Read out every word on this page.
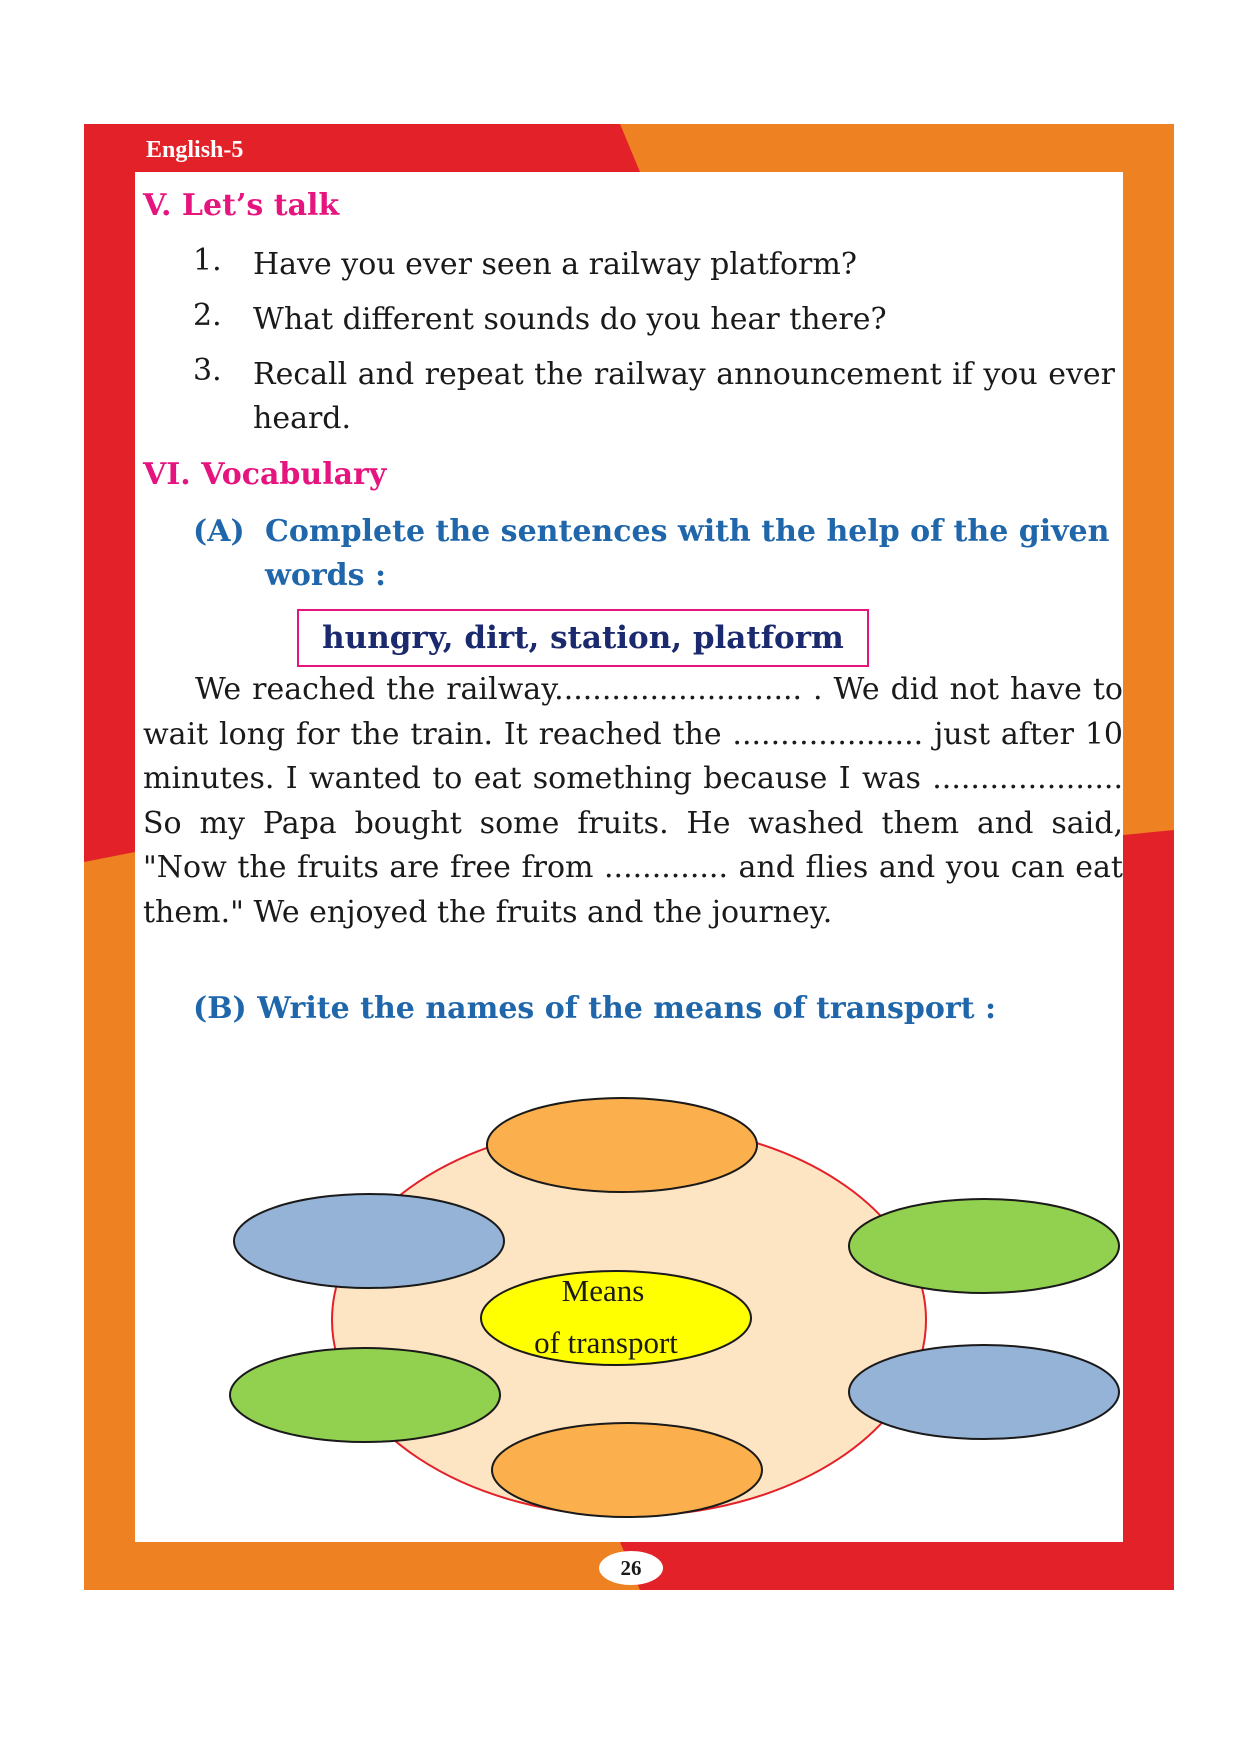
English-5
V. Let’s talk
1. Have you ever seen a railway platform?
2. What different sounds do you hear there?
3. Recall and repeat the railway announcement if you ever heard.
VI. Vocabulary
(A) Complete the sentences with the help of the given words :
hungry, dirt, station, platform
We reached the railway.......................... . We did not have to wait long for the train. It reached the .................... just after 10 minutes. I wanted to eat something because I was .................... So my Papa bought some fruits. He washed them and said, "Now the fruits are free from ............. and flies and you can eat them." We enjoyed the fruits and the journey.
(B) Write the names of the means of transport :
Means
of transport
26
